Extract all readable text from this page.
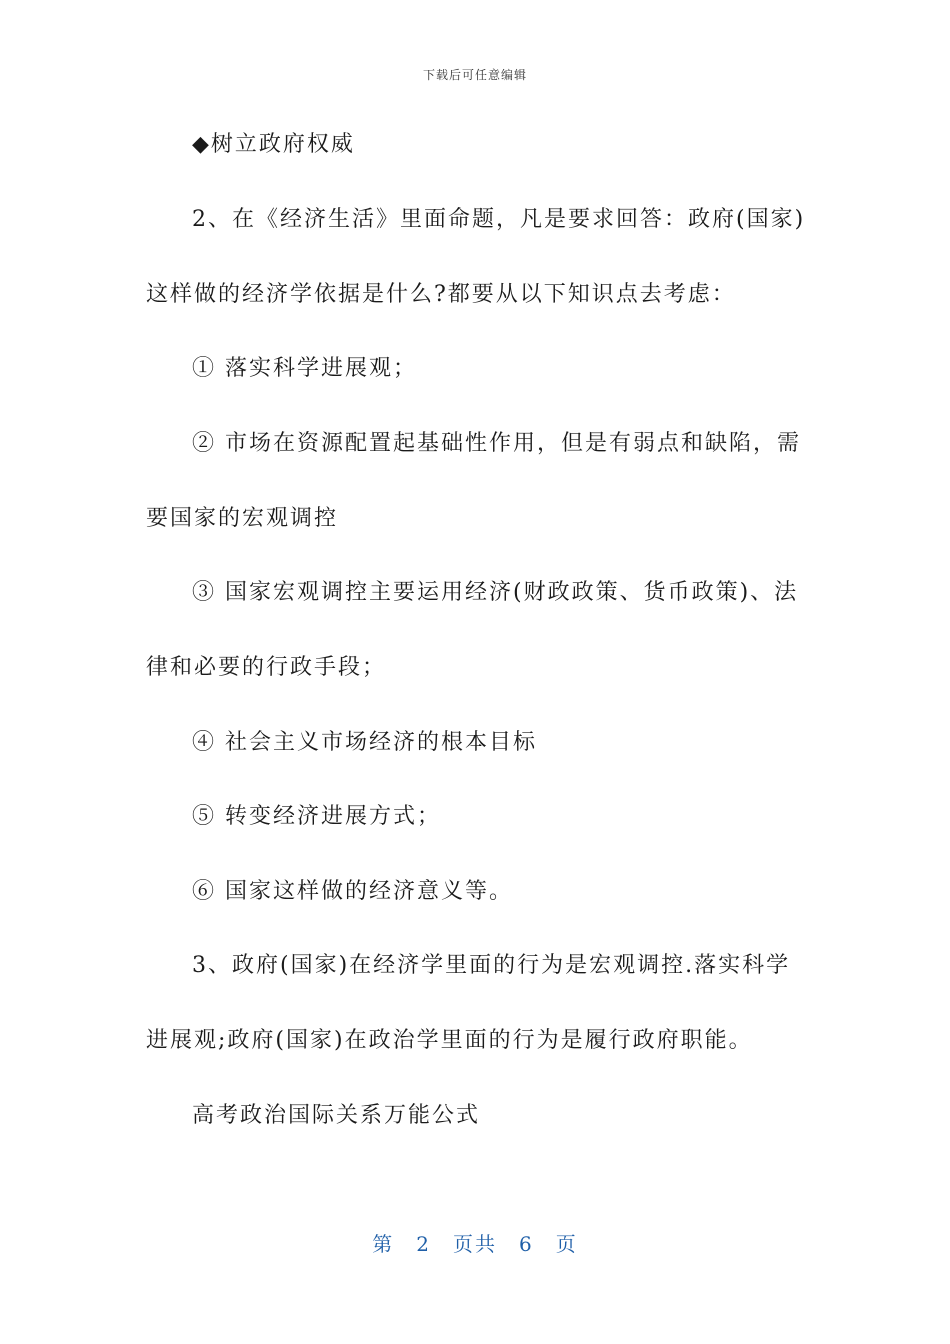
下载后可任意编辑
◆树立政府权威
2、在《经济生活》里面命题，凡是要求回答：政府(国家)
这样做的经济学依据是什么?都要从以下知识点去考虑：
① 落实科学进展观；
② 市场在资源配置起基础性作用，但是有弱点和缺陷，需
要国家的宏观调控
③ 国家宏观调控主要运用经济(财政政策、货币政策)、法
律和必要的行政手段；
④ 社会主义市场经济的根本目标
⑤ 转变经济进展方式；
⑥ 国家这样做的经济意义等。
3、政府(国家)在经济学里面的行为是宏观调控.落实科学
进展观;政府(国家)在政治学里面的行为是履行政府职能。
高考政治国际关系万能公式
第 2 页共 6 页
